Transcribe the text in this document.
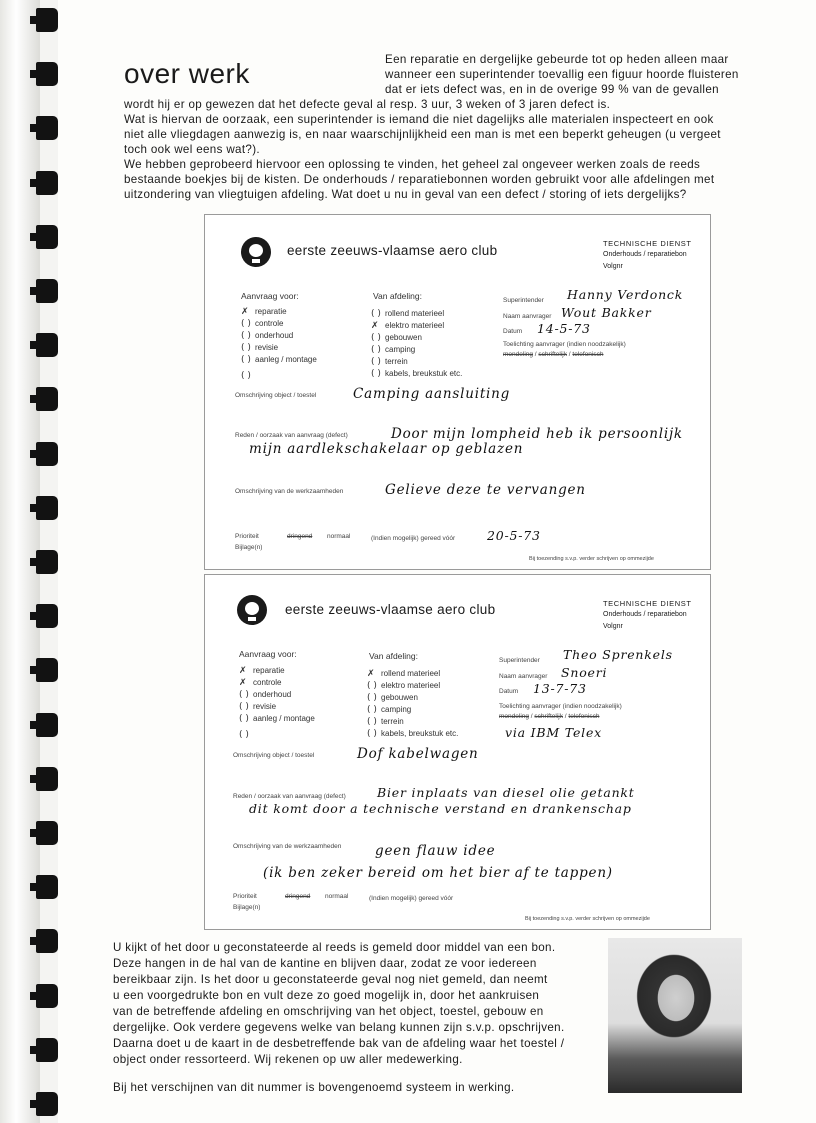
over werk	Een reparatie en dergelijke gebeurde tot op heden alleen maar
wanneer een superintender toevallig een figuur hoorde fluisteren
dat er iets defect was, en in de overige 99 % van de gevallen
wordt hij er op gewezen dat het defecte geval al resp. 3 uur, 3 weken of 3 jaren defect is.
Wat is hiervan de oorzaak, een superintender is iemand die niet dagelijks alle materialen inspecteert en ook
niet alle vliegdagen aanwezig is, en naar waarschijnlijkheid een man is met een beperkt geheugen (u vergeet
toch ook wel eens wat?).
We hebben geprobeerd hiervoor een oplossing te vinden, het geheel zal ongeveer werken zoals de reeds
bestaande boekjes bij de kisten. De onderhouds / reparatiebonnen worden gebruikt voor alle afdelingen met
uitzondering van vliegtuigen afdeling. Wat doet u nu in geval van een defect / storing of iets dergelijks?
eerste zeeuws-vlaamse aero club	TECHNISCHE DIENST
Onderhouds / reparatiebon
Volgnr
Aanvraag voor:
✗ reparatie
( ) controle
( ) onderhoud
( ) revisie
( ) aanleg / montage
( )
Van afdeling:
( ) rollend materieel
✗ elektro materieel
( ) gebouwen
( ) camping
( ) terrein
( ) kabels, breukstuk etc.
Superintender Hanny Verdonck
Naam aanvrager Wout Bakker
Datum 14-5-73
Toelichting aanvrager (indien noodzakelijk)
mondeling / schriftelijk / telefonisch
Omschrijving object / toestel	Camping aansluiting
Reden / oorzaak van aanvraag (defect)	Door mijn lompheid heb ik persoonlijk
mijn aardlekschakelaar op geblazen
Omschrijving van de werkzaamheden	Gelieve deze te vervangen
Prioriteit	dringend normaal
Bijlage(n)
(Indien mogelijk) gereed vóór	20-5-73
Bij toezending s.v.p. verder schrijven op ommezijde
eerste zeeuws-vlaamse aero club	TECHNISCHE DIENST
Onderhouds / reparatiebon
Volgnr
Aanvraag voor:
✗ reparatie
✗ controle
( ) onderhoud
( ) revisie
( ) aanleg / montage
( )
Van afdeling:
✗ rollend materieel
( ) elektro materieel
( ) gebouwen
( ) camping
( ) terrein
( ) kabels, breukstuk etc.
Superintender Theo Sprenkels
Naam aanvrager Snoeri
Datum 13-7-73
Toelichting aanvrager (indien noodzakelijk)
mondeling / schriftelijk / telefonisch
via IBM Telex
Omschrijving object / toestel	Dof kabelwagen
Reden / oorzaak van aanvraag (defect)	Bier inplaats van diesel olie getankt
dit komt door a technische verstand en drankenschap
Omschrijving van de werkzaamheden geen flauw idee
(ik ben zeker bereid om het bier af te tappen)
Prioriteit	dringend normaal
Bijlage(n)
(Indien mogelijk) gereed vóór
Bij toezending s.v.p. verder schrijven op ommezijde
U kijkt of het door u geconstateerde al reeds is gemeld door middel van een bon.
Deze hangen in de hal van de kantine en blijven daar, zodat ze voor iedereen
bereikbaar zijn. Is het door u geconstateerde geval nog niet gemeld, dan neemt
u een voorgedrukte bon en vult deze zo goed mogelijk in, door het aankruisen
van de betreffende afdeling en omschrijving van het object, toestel, gebouw en
dergelijke. Ook verdere gegevens welke van belang kunnen zijn s.v.p. opschrijven.
Daarna doet u de kaart in de desbetreffende bak van de afdeling waar het toestel /
object onder ressorteerd. Wij rekenen op uw aller medewerking.
Bij het verschijnen van dit nummer is bovengenoemd systeem in werking.
